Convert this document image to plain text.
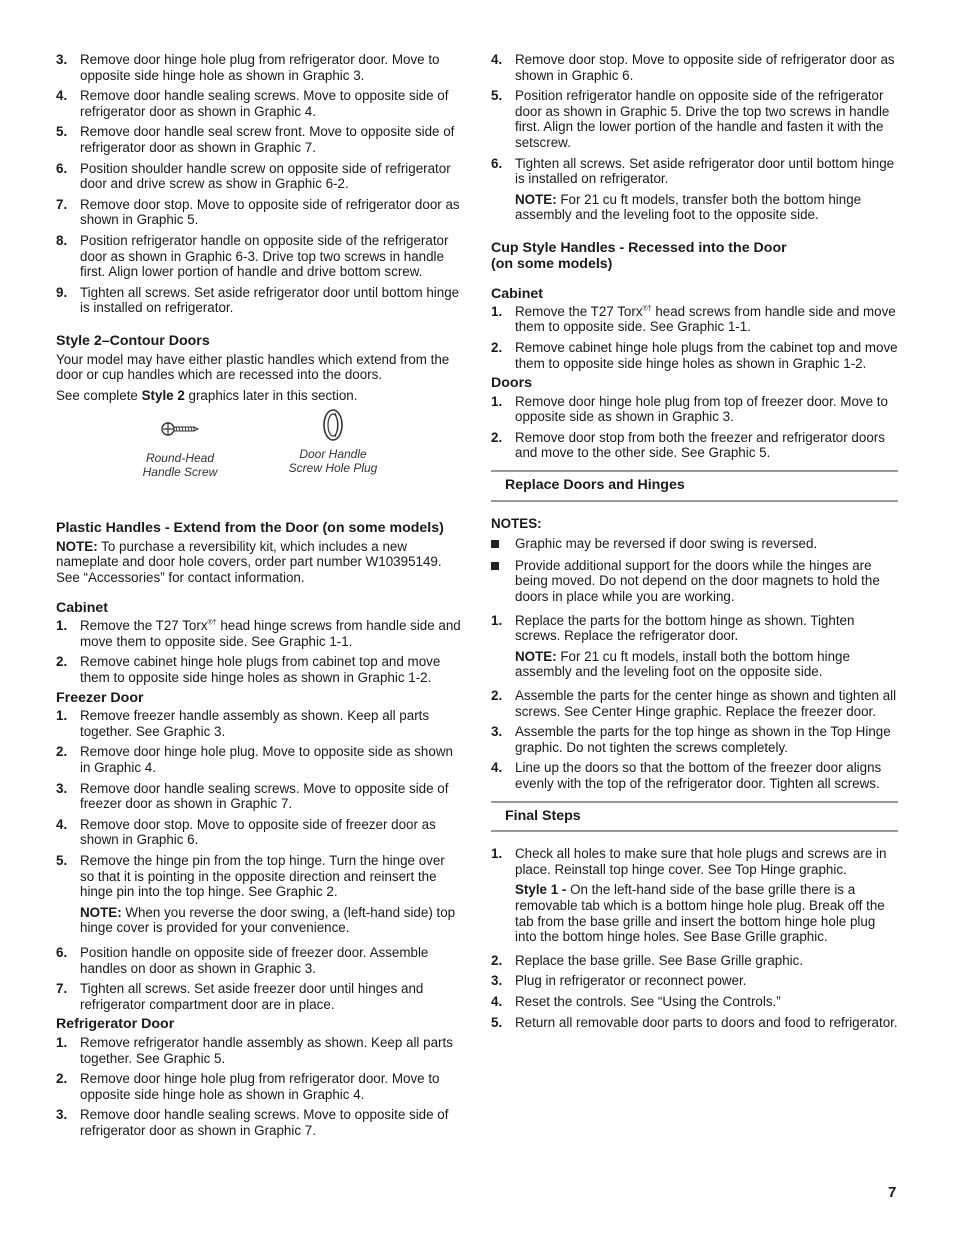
3. Remove door hinge hole plug from refrigerator door. Move to opposite side hinge hole as shown in Graphic 3.
4. Remove door handle sealing screws. Move to opposite side of refrigerator door as shown in Graphic 4.
5. Remove door handle seal screw front. Move to opposite side of refrigerator door as shown in Graphic 7.
6. Position shoulder handle screw on opposite side of refrigerator door and drive screw as show in Graphic 6-2.
7. Remove door stop. Move to opposite side of refrigerator door as shown in Graphic 5.
8. Position refrigerator handle on opposite side of the refrigerator door as shown in Graphic 6-3. Drive top two screws in handle first. Align lower portion of handle and drive bottom screw.
9. Tighten all screws. Set aside refrigerator door until bottom hinge is installed on refrigerator.

Style 2–Contour Doors

Your model may have either plastic handles which extend from the door or cup handles which are recessed into the doors.

See complete Style 2 graphics later in this section.

Round-Head
Handle Screw
Door Handle
Screw Hole Plug

Plastic Handles - Extend from the Door (on some models)

NOTE: To purchase a reversibility kit, which includes a new nameplate and door hole covers, order part number W10395149. See “Accessories” for contact information.

Cabinet

1. Remove the T27 Torx®† head hinge screws from handle side and move them to opposite side. See Graphic 1-1.
2. Remove cabinet hinge hole plugs from cabinet top and move them to opposite side hinge holes as shown in Graphic 1-2.

Freezer Door

1. Remove freezer handle assembly as shown. Keep all parts together. See Graphic 3.
2. Remove door hinge hole plug. Move to opposite side as shown in Graphic 4.
3. Remove door handle sealing screws. Move to opposite side of freezer door as shown in Graphic 7.
4. Remove door stop. Move to opposite side of freezer door as shown in Graphic 6.
5. Remove the hinge pin from the top hinge. Turn the hinge over so that it is pointing in the opposite direction and reinsert the hinge pin into the top hinge. See Graphic 2.
NOTE: When you reverse the door swing, a (left-hand side) top hinge cover is provided for your convenience.
6. Position handle on opposite side of freezer door. Assemble handles on door as shown in Graphic 3.
7. Tighten all screws. Set aside freezer door until hinges and refrigerator compartment door are in place.

Refrigerator Door

1. Remove refrigerator handle assembly as shown. Keep all parts together. See Graphic 5.
2. Remove door hinge hole plug from refrigerator door. Move to opposite side hinge hole as shown in Graphic 4.
3. Remove door handle sealing screws. Move to opposite side of refrigerator door as shown in Graphic 7.
4. Remove door stop. Move to opposite side of refrigerator door as shown in Graphic 6.
5. Position refrigerator handle on opposite side of the refrigerator door as shown in Graphic 5. Drive the top two screws in handle first. Align the lower portion of the handle and fasten it with the setscrew.
6. Tighten all screws. Set aside refrigerator door until bottom hinge is installed on refrigerator.
NOTE: For 21 cu ft models, transfer both the bottom hinge assembly and the leveling foot to the opposite side.

Cup Style Handles - Recessed into the Door
(on some models)

Cabinet

1. Remove the T27 Torx®† head screws from handle side and move them to opposite side. See Graphic 1-1.
2. Remove cabinet hinge hole plugs from the cabinet top and move them to opposite side hinge holes as shown in Graphic 1-2.

Doors

1. Remove door hinge hole plug from top of freezer door. Move to opposite side as shown in Graphic 3.
2. Remove door stop from both the freezer and refrigerator doors and move to the other side. See Graphic 5.

Replace Doors and Hinges

NOTES:

Graphic may be reversed if door swing is reversed.
Provide additional support for the doors while the hinges are being moved. Do not depend on the door magnets to hold the doors in place while you are working.
1. Replace the parts for the bottom hinge as shown. Tighten screws. Replace the refrigerator door.
NOTE: For 21 cu ft models, install both the bottom hinge assembly and the leveling foot on the opposite side.
2. Assemble the parts for the center hinge as shown and tighten all screws. See Center Hinge graphic. Replace the freezer door.
3. Assemble the parts for the top hinge as shown in the Top Hinge graphic. Do not tighten the screws completely.
4. Line up the doors so that the bottom of the freezer door aligns evenly with the top of the refrigerator door. Tighten all screws.

Final Steps

1. Check all holes to make sure that hole plugs and screws are in place. Reinstall top hinge cover. See Top Hinge graphic.
Style 1 - On the left-hand side of the base grille there is a removable tab which is a bottom hinge hole plug. Break off the tab from the base grille and insert the bottom hinge hole plug into the bottom hinge holes. See Base Grille graphic.
2. Replace the base grille. See Base Grille graphic.
3. Plug in refrigerator or reconnect power.
4. Reset the controls. See “Using the Controls.”
5. Return all removable door parts to doors and food to refrigerator.
7
